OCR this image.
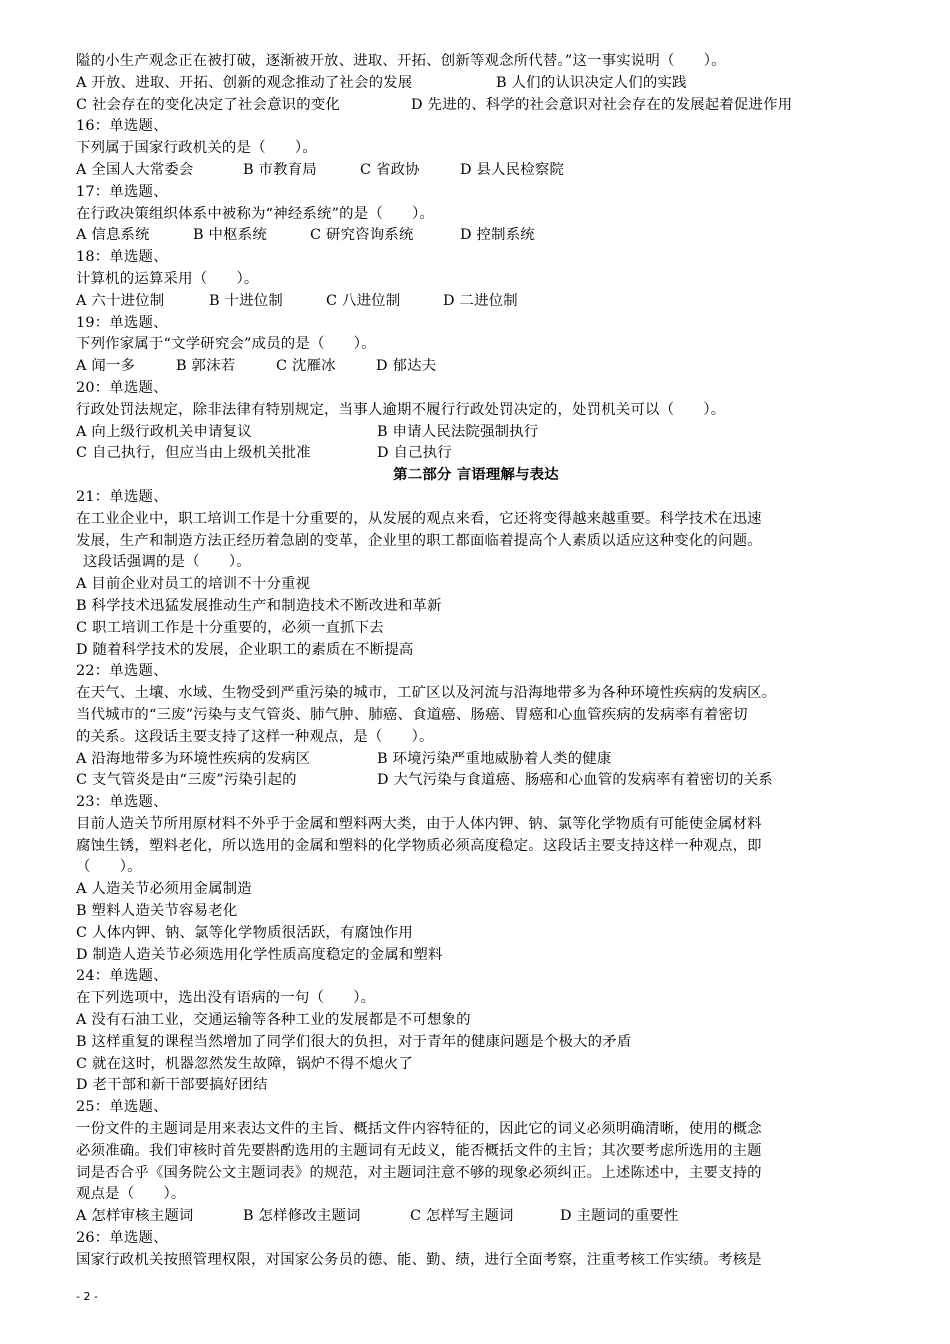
隘的小生产观念正在被打破，逐渐被开放、进取、开拓、创新等观念所代替。”这一事实说明（　　）。
A 开放、进取、开拓、创新的观念推动了社会的发展	B 人们的认识决定人们的实践
C 社会存在的变化决定了社会意识的变化	D 先进的、科学的社会意识对社会存在的发展起着促进作用
16：单选题、
下列属于国家行政机关的是（　　）。
A 全国人大常委会	B 市教育局	C 省政协	D 县人民检察院
17：单选题、
在行政决策组织体系中被称为“神经系统”的是（　　）。
A 信息系统	B 中枢系统	C 研究咨询系统	D 控制系统
18：单选题、
计算机的运算采用（　　）。
A 六十进位制	B 十进位制	C 八进位制	D 二进位制
19：单选题、
下列作家属于“文学研究会”成员的是（　　）。
A 闻一多	B 郭沫若	C 沈雁冰	D 郁达夫
20：单选题、
行政处罚法规定，除非法律有特别规定，当事人逾期不履行行政处罚决定的，处罚机关可以（　　）。
A 向上级行政机关申请复议	B 申请人民法院强制执行
C 自己执行，但应当由上级机关批准	D 自己执行
第二部分 言语理解与表达
21：单选题、
在工业企业中，职工培训工作是十分重要的，从发展的观点来看，它还将变得越来越重要。科学技术在迅速
发展，生产和制造方法正经历着急剧的变革，企业里的职工都面临着提高个人素质以适应这种变化的问题。
这段话强调的是（　　）。
A 目前企业对员工的培训不十分重视
B 科学技术迅猛发展推动生产和制造技术不断改进和革新
C 职工培训工作是十分重要的，必须一直抓下去
D 随着科学技术的发展，企业职工的素质在不断提高
22：单选题、
在天气、土壤、水域、生物受到严重污染的城市，工矿区以及河流与沿海地带多为各种环境性疾病的发病区。
当代城市的“三废”污染与支气管炎、肺气肿、肺癌、食道癌、肠癌、胃癌和心血管疾病的发病率有着密切
的关系。这段话主要支持了这样一种观点，是（　　）。
A 沿海地带多为环境性疾病的发病区	B 环境污染严重地威胁着人类的健康
C 支气管炎是由“三废”污染引起的	D 大气污染与食道癌、肠癌和心血管的发病率有着密切的关系
23：单选题、
目前人造关节所用原材料不外乎于金属和塑料两大类，由于人体内钾、钠、氯等化学物质有可能使金属材料
腐蚀生锈，塑料老化，所以选用的金属和塑料的化学物质必须高度稳定。这段话主要支持这样一种观点，即
（　　）。
A 人造关节必须用金属制造
B 塑料人造关节容易老化
C 人体内钾、钠、氯等化学物质很活跃，有腐蚀作用
D 制造人造关节必须选用化学性质高度稳定的金属和塑料
24：单选题、
在下列选项中，选出没有语病的一句（　　）。
A 没有石油工业，交通运输等各种工业的发展都是不可想象的
B 这样重复的课程当然增加了同学们很大的负担，对于青年的健康问题是个极大的矛盾
C 就在这时，机器忽然发生故障，锅炉不得不熄火了
D 老干部和新干部要搞好团结
25：单选题、
一份文件的主题词是用来表达文件的主旨、概括文件内容特征的，因此它的词义必须明确清晰，使用的概念
必须准确。我们审核时首先要斟酌选用的主题词有无歧义，能否概括文件的主旨；其次要考虑所选用的主题
词是否合乎《国务院公文主题词表》的规范，对主题词注意不够的现象必须纠正。上述陈述中，主要支持的
观点是（　　）。
A 怎样审核主题词	B 怎样修改主题词	C 怎样写主题词	D 主题词的重要性
26：单选题、
国家行政机关按照管理权限，对国家公务员的德、能、勤、绩，进行全面考察，注重考核工作实绩。考核是
- 2 -
